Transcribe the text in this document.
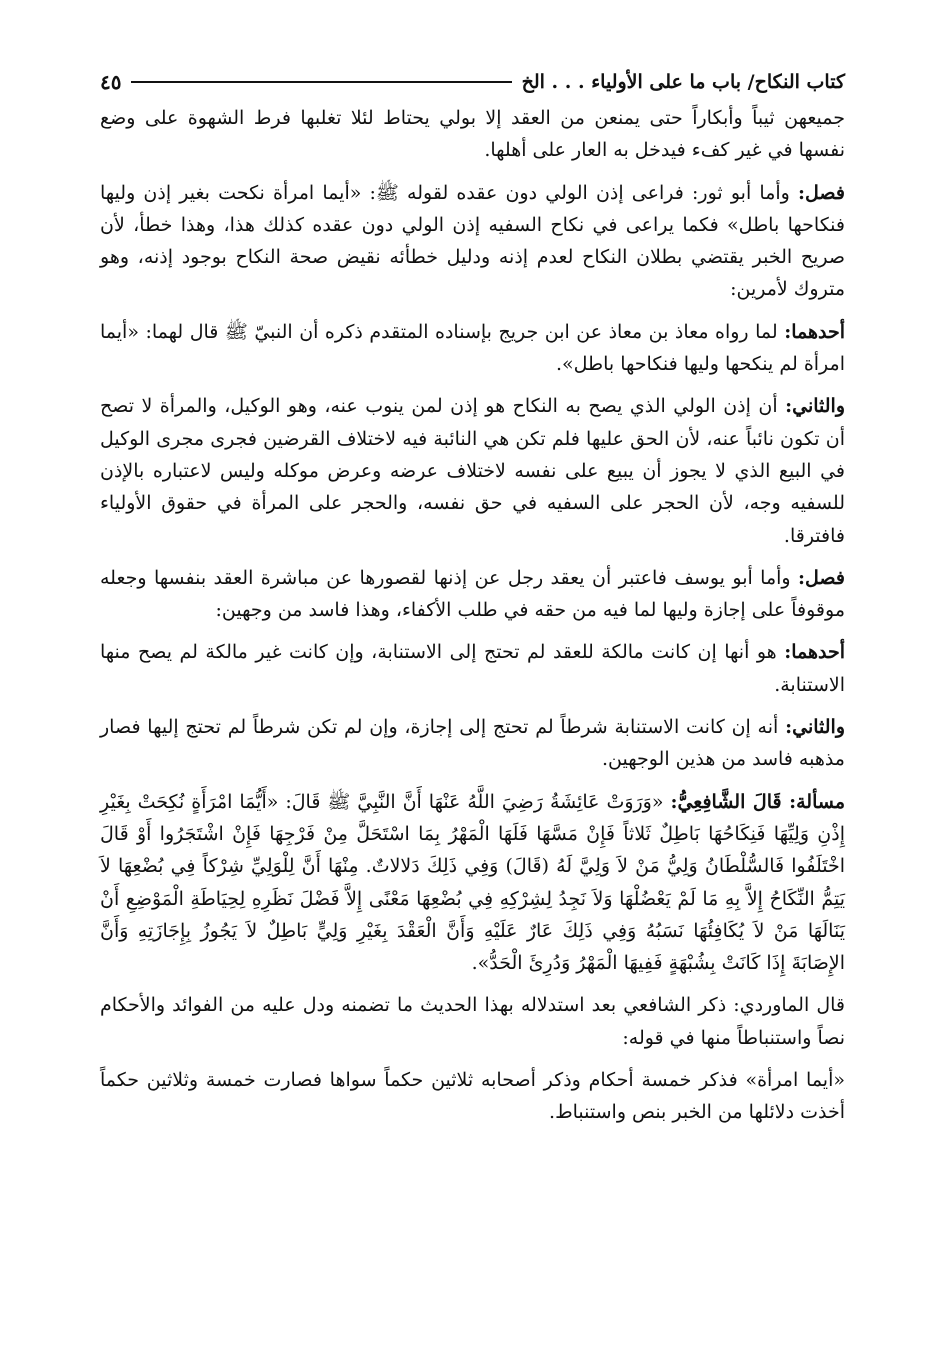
كتاب النكاح/ باب ما على الأولياء . . . الخ
٤٥

جميعهن ثيباً وأبكاراً حتى يمنعن من العقد إلا بولي يحتاط لئلا تغلبها فرط الشهوة على وضع نفسها في غير كفء فيدخل به العار على أهلها.

فصل: وأما أبو ثور: فراعى إذن الولي دون عقده لقوله ﷺ: «أيما امرأة نكحت بغير إذن وليها فنكاحها باطل» فكما يراعى في نكاح السفيه إذن الولي دون عقده كذلك هذا، وهذا خطأ، لأن صريح الخبر يقتضي بطلان النكاح لعدم إذنه ودليل خطأئه نقيض صحة النكاح بوجود إذنه، وهو متروك لأمرين:

أحدهما: لما رواه معاذ بن معاذ عن ابن جريج بإسناده المتقدم ذكره أن النبيّ ﷺ قال لهما: «أيما امرأة لم ينكحها وليها فنكاحها باطل».

والثاني: أن إذن الولي الذي يصح به النكاح هو إذن لمن ينوب عنه، وهو الوكيل، والمرأة لا تصح أن تكون نائباً عنه، لأن الحق عليها فلم تكن هي النائبة فيه لاختلاف القرضين فجرى مجرى الوكيل في البيع الذي لا يجوز أن يبيع على نفسه لاختلاف عرضه وعرض موكله وليس لاعتباره بالإذن للسفيه وجه، لأن الحجر على السفيه في حق نفسه، والحجر على المرأة في حقوق الأولياء فافترقا.

فصل: وأما أبو يوسف فاعتبر أن يعقد رجل عن إذنها لقصورها عن مباشرة العقد بنفسها وجعله موقوفاً على إجازة وليها لما فيه من حقه في طلب الأكفاء، وهذا فاسد من وجهين:

أحدهما: هو أنها إن كانت مالكة للعقد لم تحتج إلى الاستنابة، وإن كانت غير مالكة لم يصح منها الاستنابة.

والثاني: أنه إن كانت الاستنابة شرطاً لم تحتج إلى إجازة، وإن لم تكن شرطاً لم تحتج إليها فصار مذهبه فاسد من هذين الوجهين.

مسألة: قَالَ الشَّافِعِيُّ: «وَرَوَتْ عَائِشَةُ رَضِيَ اللَّهُ عَنْهَا أَنَّ النَّبِيَّ ﷺ قَالَ: «أَيُّمَا امْرَأَةٍ نُكِحَتْ بِغَيْرِ إِذْنِ وَلِيِّهَا فَنِكَاحُهَا بَاطِلٌ ثَلاثاً فَإِنْ مَسَّهَا فَلَهَا الْمَهْرُ بِمَا اسْتَحَلَّ مِنْ فَرْجِهَا فَإِنْ اشْتَجَرُوا أَوْ قَالَ اخْتَلَفُوا فَالسُّلْطَانُ وَلِيُّ مَنْ لاَ وَلِيَّ لَهُ (قَالَ) وَفِي ذَلِكَ دَلالاتٌ. مِنْهَا أَنَّ لِلْوَلِيِّ شِرْكاً فِي بُضْعِهَا لاَ يَتِمُّ النِّكَاحُ إِلاَّ بِهِ مَا لَمْ يَعْضُلْهَا وَلاَ نَجِدُ لِشِرْكِهِ فِي بُضْعِهَا مَعْنًى إِلاَّ فَضْلَ نَظَرِهِ لِحِيَاطَةِ الْمَوْضِعِ أَنْ يَنَالَهَا مَنْ لاَ يُكَافِئُهَا نَسَبُهُ وَفِي ذَلِكَ عَارٌ عَلَيْهِ وَأَنَّ الْعَقْدَ بِغَيْرِ وَلِيٍّ بَاطِلٌ لاَ يَجُوزُ بِإِجَازَتِهِ وَأَنَّ الإِصَابَةَ إِذَا كَانَتْ بِشُبْهَةٍ فَفِيهَا الْمَهْرُ وَدُرِئَ الْحَدُّ».

قال الماوردي: ذكر الشافعي بعد استدلاله بهذا الحديث ما تضمنه ودل عليه من الفوائد والأحكام نصاً واستنباطاً منها في قوله:

«أيما امرأة» فذكر خمسة أحكام وذكر أصحابه ثلاثين حكماً سواها فصارت خمسة وثلاثين حكماً أخذت دلائلها من الخبر بنص واستنباط.
